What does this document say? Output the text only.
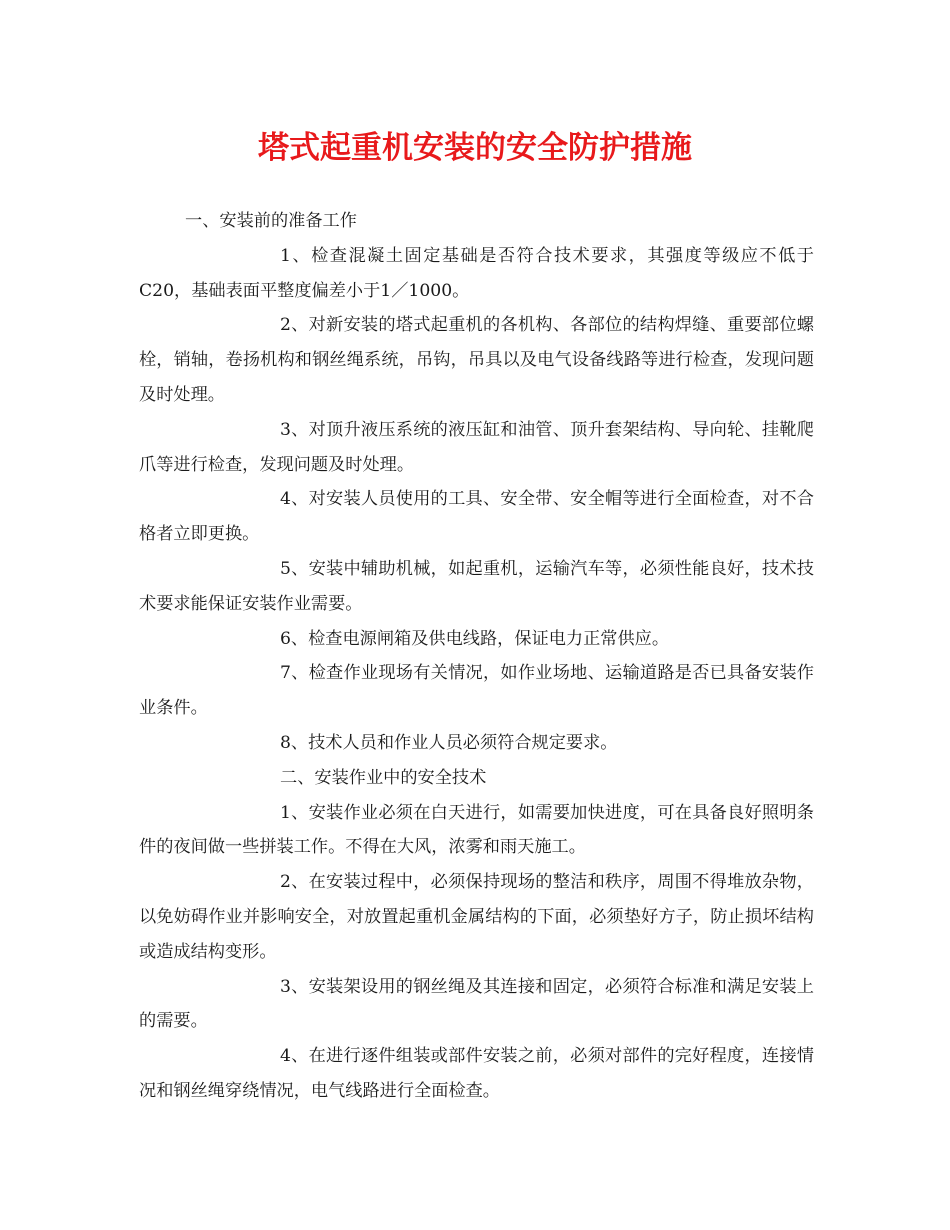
塔式起重机安装的安全防护措施

一、安装前的准备工作

1、检查混凝土固定基础是否符合技术要求，其强度等级应不低于C20，基础表面平整度偏差小于1／1000。

2、对新安装的塔式起重机的各机构、各部位的结构焊缝、重要部位螺栓，销轴，卷扬机构和钢丝绳系统，吊钩，吊具以及电气设备线路等进行检查，发现问题及时处理。

3、对顶升液压系统的液压缸和油管、顶升套架结构、导向轮、挂靴爬爪等进行检查，发现问题及时处理。

4、对安装人员使用的工具、安全带、安全帽等进行全面检查，对不合格者立即更换。

5、安装中辅助机械，如起重机，运输汽车等，必须性能良好，技术技术要求能保证安装作业需要。

6、检查电源闸箱及供电线路，保证电力正常供应。

7、检查作业现场有关情况，如作业场地、运输道路是否已具备安装作业条件。

8、技术人员和作业人员必须符合规定要求。

二、安装作业中的安全技术

1、安装作业必须在白天进行，如需要加快进度，可在具备良好照明条件的夜间做一些拼装工作。不得在大风，浓雾和雨天施工。

2、在安装过程中，必须保持现场的整洁和秩序，周围不得堆放杂物，以免妨碍作业并影响安全，对放置起重机金属结构的下面，必须垫好方子，防止损坏结构或造成结构变形。

3、安装架设用的钢丝绳及其连接和固定，必须符合标准和满足安装上的需要。

4、在进行逐件组装或部件安装之前，必须对部件的完好程度，连接情况和钢丝绳穿绕情况，电气线路进行全面检查。
